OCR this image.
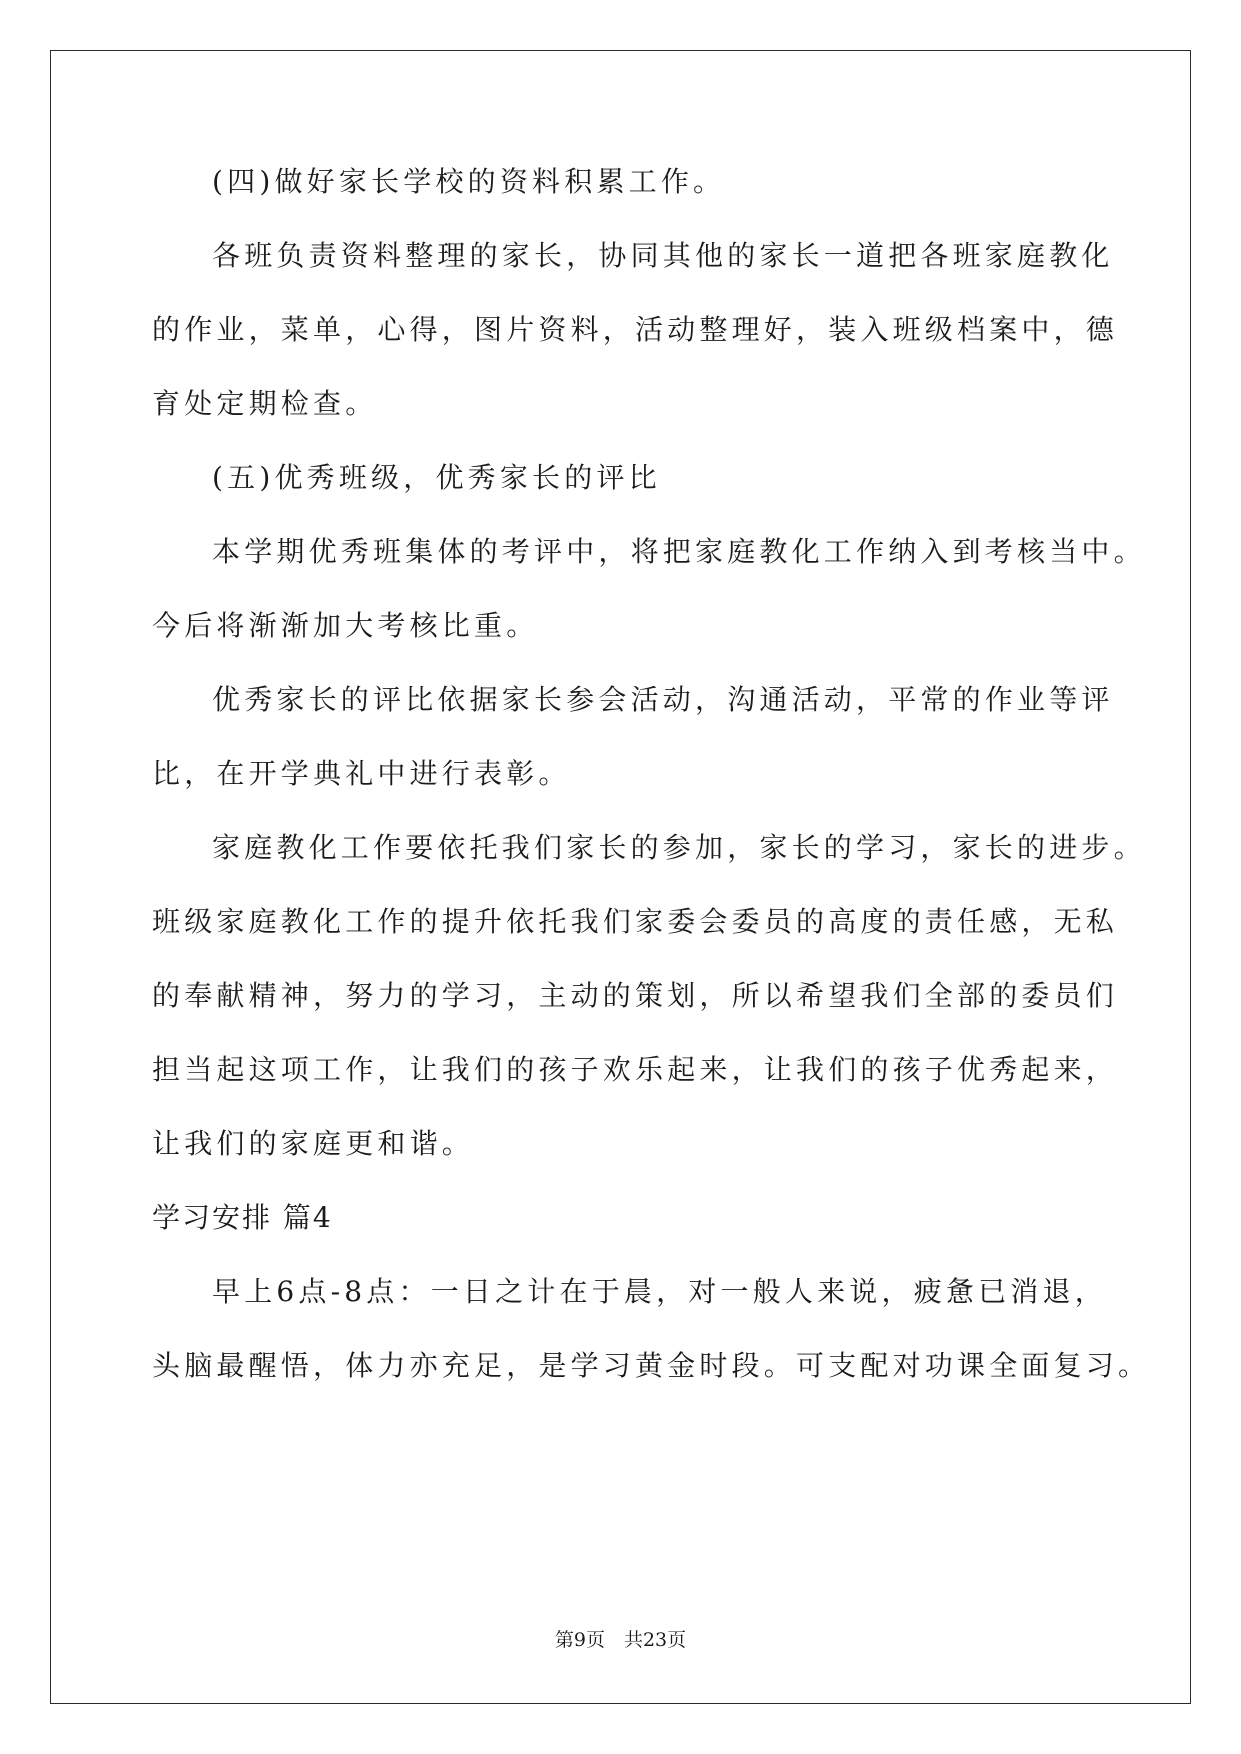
(四)做好家长学校的资料积累工作。
各班负责资料整理的家长，协同其他的家长一道把各班家庭教化
的作业，菜单，心得，图片资料，活动整理好，装入班级档案中，德
育处定期检查。
(五)优秀班级，优秀家长的评比
本学期优秀班集体的考评中，将把家庭教化工作纳入到考核当中。
今后将渐渐加大考核比重。
优秀家长的评比依据家长参会活动，沟通活动，平常的作业等评
比，在开学典礼中进行表彰。
家庭教化工作要依托我们家长的参加，家长的学习，家长的进步。
班级家庭教化工作的提升依托我们家委会委员的高度的责任感，无私
的奉献精神，努力的学习，主动的策划，所以希望我们全部的委员们
担当起这项工作，让我们的孩子欢乐起来，让我们的孩子优秀起来，
让我们的家庭更和谐。
学习安排 篇4
早上6点-8点：一日之计在于晨，对一般人来说，疲惫已消退，
头脑最醒悟，体力亦充足，是学习黄金时段。可支配对功课全面复习。
第9页　共23页
